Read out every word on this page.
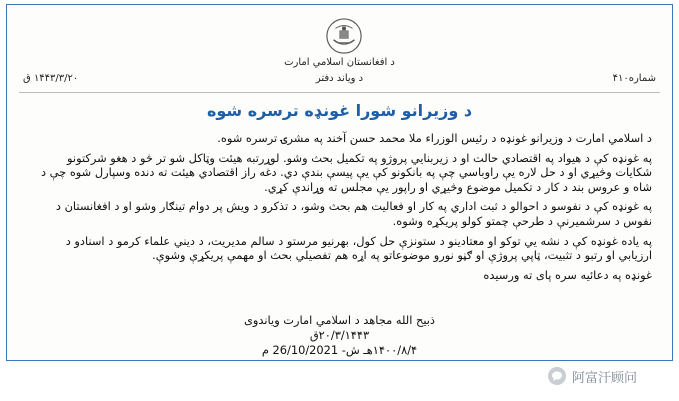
د افغانستان اسلامي امارت
شماره۴۱۰
د ویاند دفتر
۱۴۴۳/۳/۲۰ ق
د وزیرانو شورا غونډه ترسره شوه

د اسلامي امارت د وزیرانو غونډه د رئيس الوزراء ملا محمد حسن آخند په مشرۍ ترسره شوه.

په غونډه کې د هیواد په اقتصادي حالت او د زیربنایي پروژو په تکمیل بحث وشو. لوړرتبه هیئت وټاکل شو تر څو د هغو شرکتونو
شکایات وڅیړي او د حل لاره یې راوباسي چې په بانکونو کې یې پیسې بندې دي. دغه راز اقتصادي هیئت ته دنده وسپارل شوه چې د
شاه و عروس بند د کار د تکمیل موضوع وڅیړي او راپور یې مجلس ته وړاندې کړي.

په غونډه کې د نفوسو د احوالو د ثبت اداري په کار او فعالیت هم بحث وشو، د تذکرو د ویش پر دوام تینګار وشو او د افغانستان د
نفوس د سرشمیرنې د طرحې چمتو کولو پریکړه وشوه.

په یاده غونډه کې د نشه یي توکو او معتادینو د ستونزې حل کول، بهرنیو مرستو د سالم مدیریت، د دیني علماء کرمو د اسنادو د
ارزیابي او رتبو د تثبیت، ټاپي پروژې او ګڼو نورو موضوعاتو په اړه هم تفصیلي بحث او مهمې پریکړې وشوې.

غونډه په دعائیه سره پای ته ورسیده

ذبیح الله مجاهد د اسلامي امارت ویاندوی
۲۰/۳/۱۴۴۳ق
۱۴۰۰/۸/۴هـ ش- 26/10/2021 م
阿富汗顾问
